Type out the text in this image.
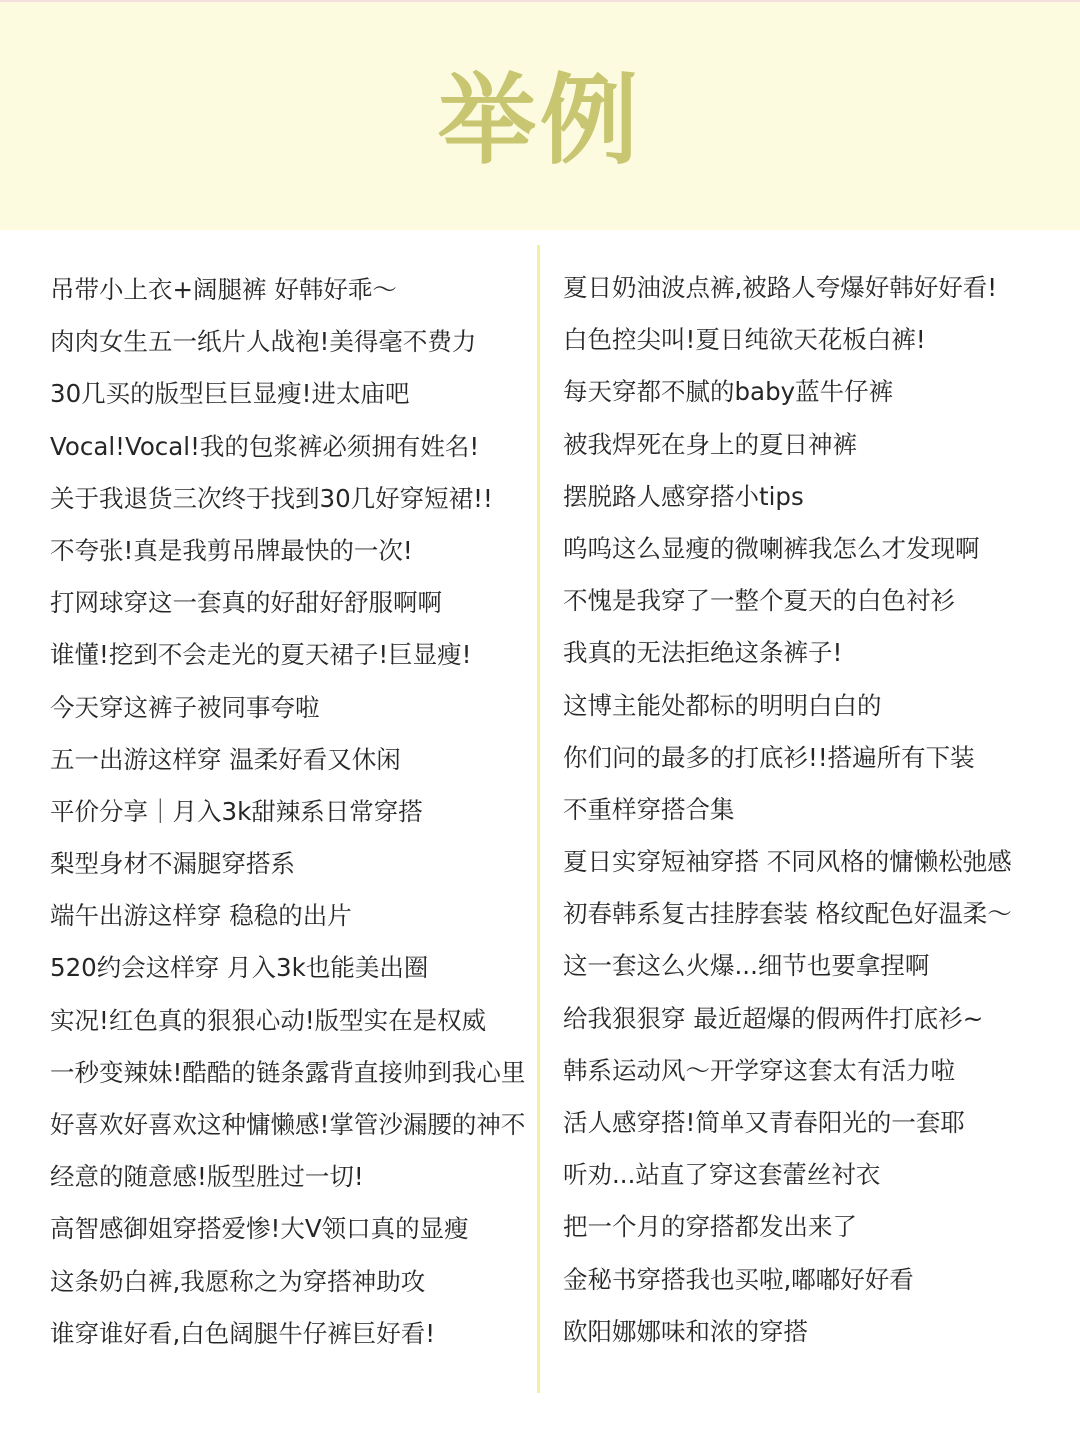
举例
吊带小上衣+阔腿裤 好韩好乖～
肉肉女生五一纸片人战袍!美得毫不费力
30几买的版型巨巨显瘦!进太庙吧
Vocal!Vocal!我的包浆裤必须拥有姓名!
关于我退货三次终于找到30几好穿短裙!!
不夸张!真是我剪吊牌最快的一次!
打网球穿这一套真的好甜好舒服啊啊
谁懂!挖到不会走光的夏天裙子!巨显瘦!
今天穿这裤子被同事夸啦
五一出游这样穿 温柔好看又休闲
平价分享｜月入3k甜辣系日常穿搭
梨型身材不漏腿穿搭系
端午出游这样穿 稳稳的出片
520约会这样穿 月入3k也能美出圈
实况!红色真的狠狠心动!版型实在是权威
一秒变辣妹!酷酷的链条露背直接帅到我心里
好喜欢好喜欢这种慵懒感!掌管沙漏腰的神不
经意的随意感!版型胜过一切!
高智感御姐穿搭爱惨!大V领口真的显瘦
这条奶白裤,我愿称之为穿搭神助攻
谁穿谁好看,白色阔腿牛仔裤巨好看!
夏日奶油波点裤,被路人夸爆好韩好好看!
白色控尖叫!夏日纯欲天花板白裤!
每天穿都不腻的baby蓝牛仔裤
被我焊死在身上的夏日神裤
摆脱路人感穿搭小tips
呜呜这么显瘦的微喇裤我怎么才发现啊
不愧是我穿了一整个夏天的白色衬衫
我真的无法拒绝这条裤子!
这博主能处都标的明明白白的
你们问的最多的打底衫!!搭遍所有下装
不重样穿搭合集
夏日实穿短袖穿搭 不同风格的慵懒松弛感
初春韩系复古挂脖套装 格纹配色好温柔～
这一套这么火爆...细节也要拿捏啊
给我狠狠穿 最近超爆的假两件打底衫~
韩系运动风～开学穿这套太有活力啦
活人感穿搭!简单又青春阳光的一套耶
听劝...站直了穿这套蕾丝衬衣
把一个月的穿搭都发出来了
金秘书穿搭我也买啦,嘟嘟好好看
欧阳娜娜味和浓的穿搭
